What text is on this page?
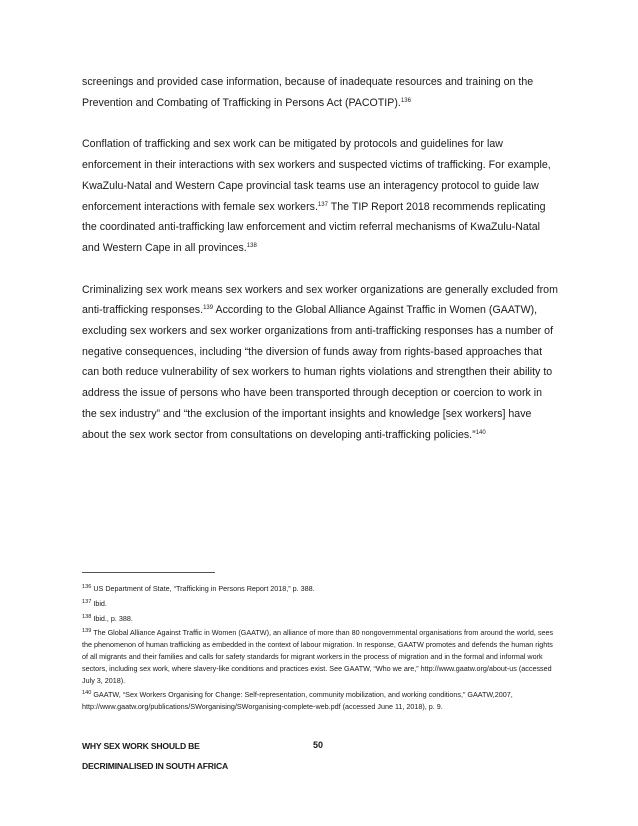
screenings and provided case information, because of inadequate resources and training on the Prevention and Combating of Trafficking in Persons Act (PACOTIP).$^{136}$

Conflation of trafficking and sex work can be mitigated by protocols and guidelines for law enforcement in their interactions with sex workers and suspected victims of trafficking. For example, KwaZulu-Natal and Western Cape provincial task teams use an interagency protocol to guide law enforcement interactions with female sex workers.$^{137}$ The TIP Report 2018 recommends replicating the coordinated anti-trafficking law enforcement and victim referral mechanisms of KwaZulu-Natal and Western Cape in all provinces.$^{138}$

Criminalizing sex work means sex workers and sex worker organizations are generally excluded from anti-trafficking responses.$^{139}$ According to the Global Alliance Against Traffic in Women (GAATW), excluding sex workers and sex worker organizations from anti-trafficking responses has a number of negative consequences, including “the diversion of funds away from rights-based approaches that can both reduce vulnerability of sex workers to human rights violations and strengthen their ability to address the issue of persons who have been transported through deception or coercion to work in the sex industry” and “the exclusion of the important insights and knowledge [sex workers] have about the sex work sector from consultations on developing anti-trafficking policies.”$^{140}$

$^{136}$ US Department of State, “Trafficking in Persons Report 2018,” p. 388.

$^{137}$ Ibid.

$^{138}$ Ibid., p. 388.

$^{139}$ The Global Alliance Against Traffic in Women (GAATW), an alliance of more than 80 nongovernmental organisations from around the world, sees the phenomenon of human trafficking as embedded in the context of labour migration. In response, GAATW promotes and defends the human rights of all migrants and their families and calls for safety standards for migrant workers in the process of migration and in the formal and informal work sectors, including sex work, where slavery-like conditions and practices exist. See GAATW, “Who we are,” http://www.gaatw.org/about-us (accessed July 3, 2018).

$^{140}$ GAATW, “Sex Workers Organising for Change: Self-representation, community mobilization, and working conditions,” GAATW,2007, http://www.gaatw.org/publications/SWorganising/SWorganising-complete-web.pdf (accessed June 11, 2018), p. 9.

WHY SEX WORK SHOULD BE	50
DECRIMINALISED IN SOUTH AFRICA
